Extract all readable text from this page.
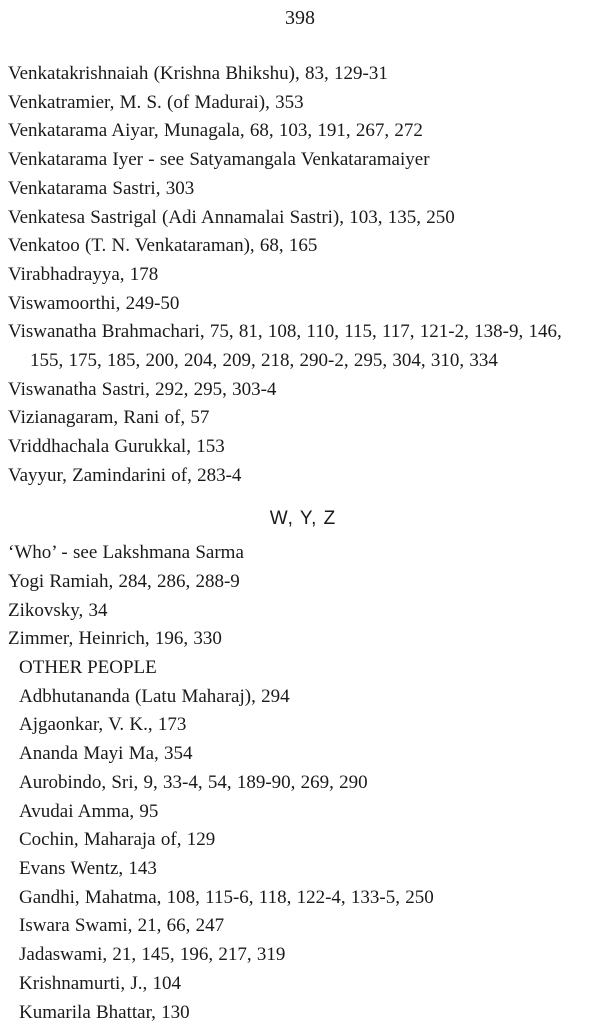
398
Venkatakrishnaiah (Krishna Bhikshu), 83, 129-31
Venkatramier, M. S. (of Madurai), 353
Venkatarama Aiyar, Munagala, 68, 103, 191, 267, 272
Venkatarama Iyer - see Satyamangala Venkataramaiyer
Venkatarama Sastri, 303
Venkatesa Sastrigal (Adi Annamalai Sastri), 103, 135, 250
Venkatoo (T. N. Venkataraman), 68, 165
Virabhadrayya, 178
Viswamoorthi, 249-50
Viswanatha Brahmachari, 75, 81, 108, 110, 115, 117, 121-2, 138-9, 146, 155, 175, 185, 200, 204, 209, 218, 290-2, 295, 304, 310, 334
Viswanatha Sastri, 292, 295, 303-4
Vizianagaram, Rani of, 57
Vriddhachala Gurukkal, 153
Vayyur, Zamindarini of, 283-4
W, Y, Z
‘Who’ - see Lakshmana Sarma
Yogi Ramiah, 284, 286, 288-9
Zikovsky, 34
Zimmer, Heinrich, 196, 330
OTHER PEOPLE
Adbhutananda (Latu Maharaj), 294
Ajgaonkar, V. K., 173
Ananda Mayi Ma, 354
Aurobindo, Sri, 9, 33-4, 54, 189-90, 269, 290
Avudai Amma, 95
Cochin, Maharaja of, 129
Evans Wentz, 143
Gandhi, Mahatma, 108, 115-6, 118, 122-4, 133-5, 250
Iswara Swami, 21, 66, 247
Jadaswami, 21, 145, 196, 217, 319
Krishnamurti, J., 104
Kumarila Bhattar, 130
